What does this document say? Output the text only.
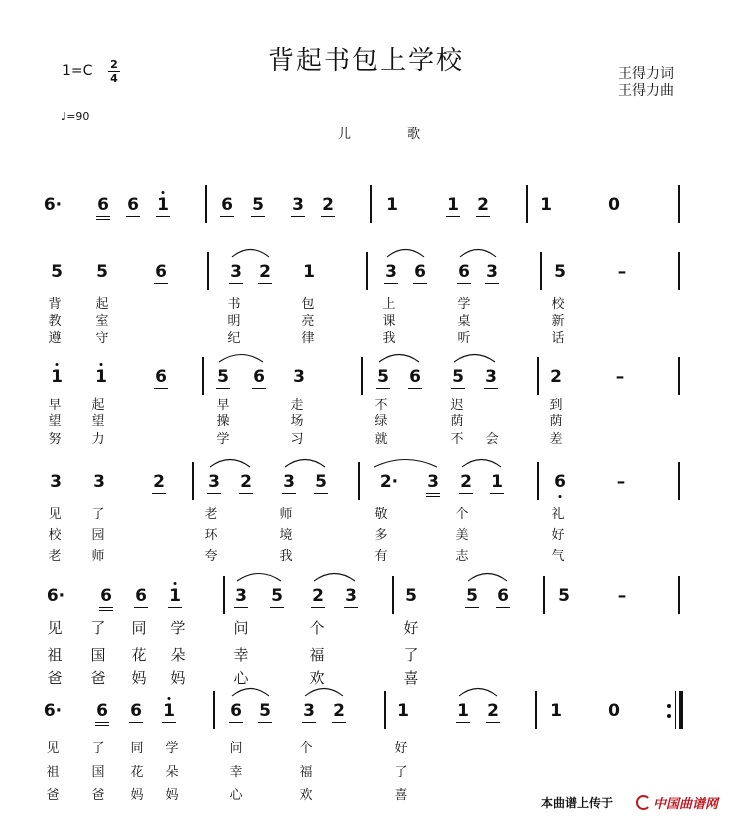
背起书包上学校
1=C 2
4
♩=90
儿 歌
王得力词
王得力曲
6· 6 6 1	6 5 3 2	1	1 2	1	0
5 5	6	3 2 1	3 6 6 3	5	–
背	起	书	包	上	学	校
教	室	明	亮	课	桌	新
遵	守	纪	律	我	听	话
1 1	6	5 6 3	5 6 5 3	2	–
早 起	早	走	不	迟	到
望 望	操	场	绿	荫	荫
努 力	学	习	就	不 会	差
3 3	2	3 2 3 5	2· 3 2 1	6	–
见 了	老	师	敬	个	礼
校 园	环	境	多	美	好
老 师	夸	我	有	志	气
6· 6 6 1	3 5 2 3	5	5 6	5	–
见 了 同 学	问	个	好
祖 国 花 朵	幸	福	了
爸 爸 妈 妈	心	欢	喜
6· 6 6 1	6 5 3 2	1	1 2	1	0
见 了 同 学	问	个	好
祖 国 花 朵	幸	福	了
爸 爸 妈 妈	心	欢	喜	本曲谱上传于	中国曲谱网
